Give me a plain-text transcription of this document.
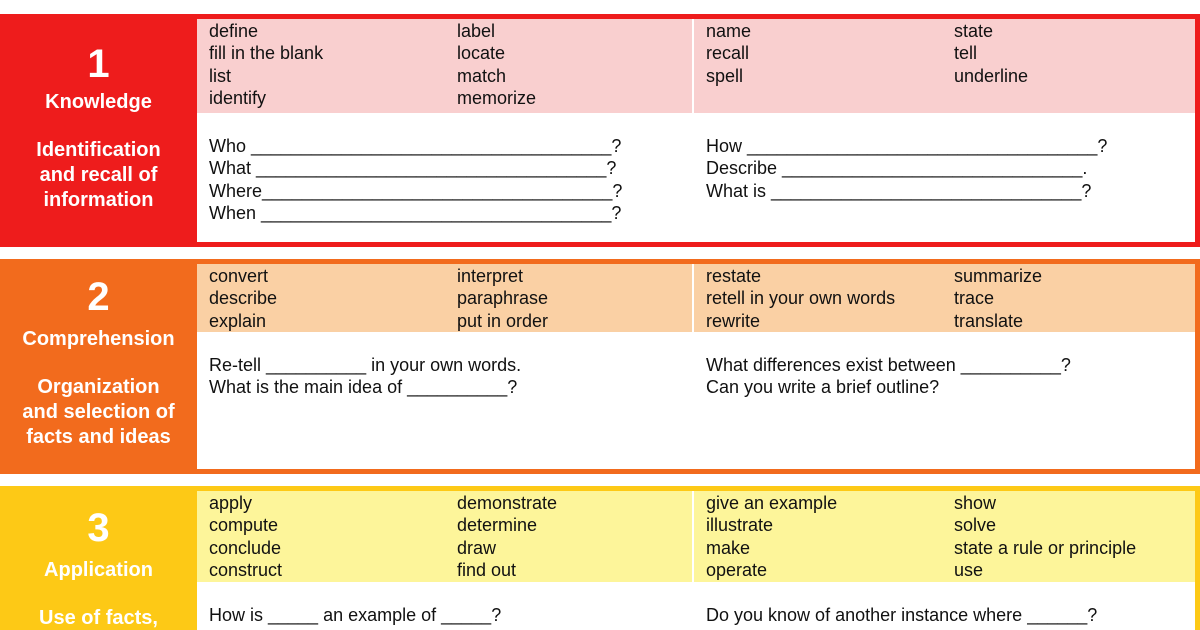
1
Knowledge
Identification
and recall of
information
define
fill in the blank
list
identify
label
locate
match
memorize
name
recall
spell
state
tell
underline
Who ____________________________________?
What ___________________________________?
Where___________________________________?
When ___________________________________?
How ___________________________________?
Describe ______________________________.
What is _______________________________?
2
Comprehension
Organization
and selection of
facts and ideas
convert
describe
explain
interpret
paraphrase
put in order
restate
retell in your own words
rewrite
summarize
trace
translate
Re-tell __________ in your own words.
What is the main idea of __________?
What differences exist between __________?
Can you write a brief outline?
3
Application
Use of facts,
apply
compute
conclude
construct
demonstrate
determine
draw
find out
give an example
illustrate
make
operate
show
solve
state a rule or principle
use
How is _____ an example of _____?	Do you know of another instance where ______?
